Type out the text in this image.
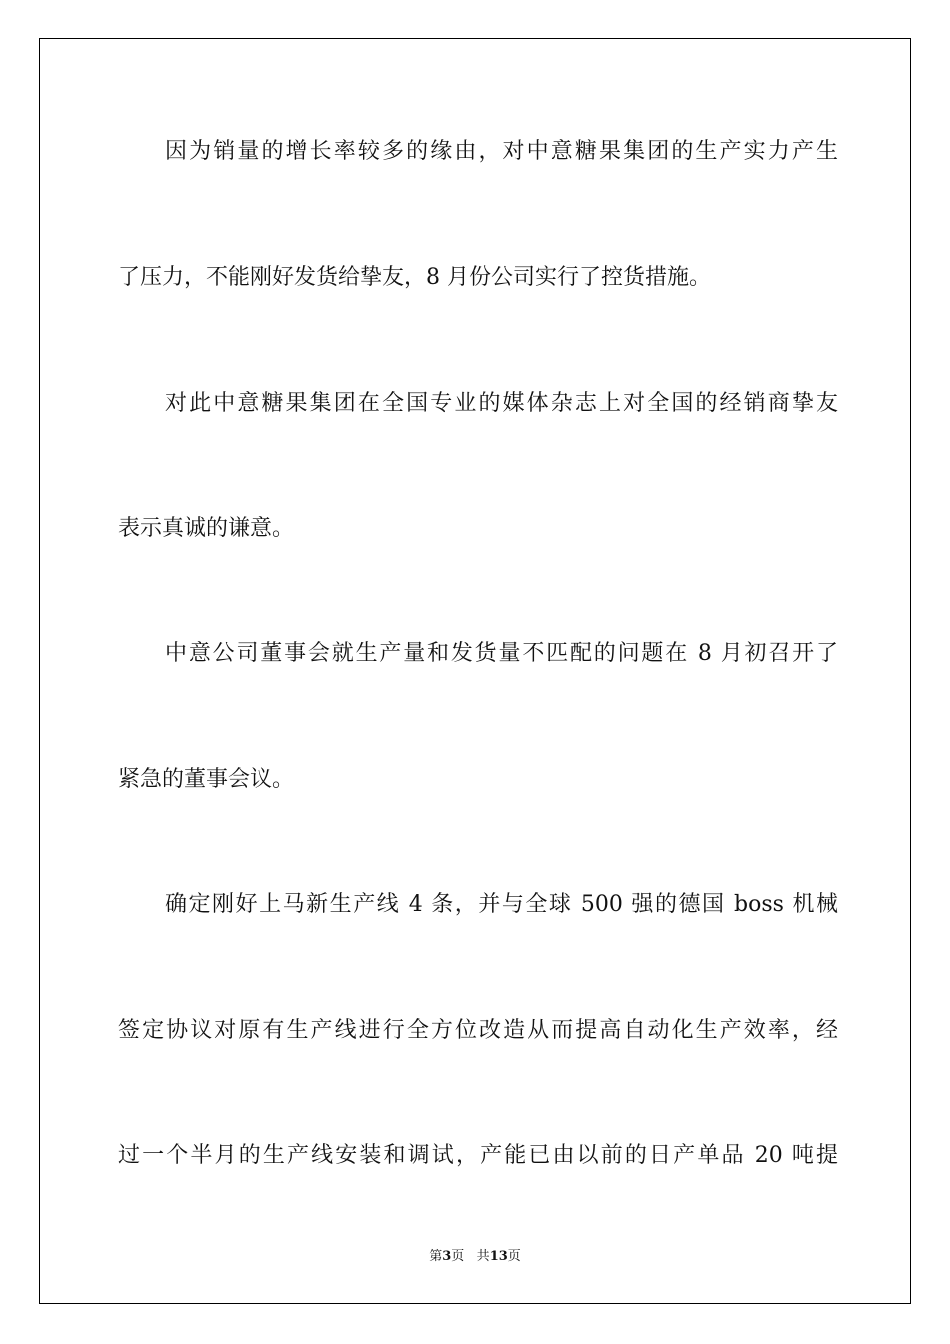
因为销量的增长率较多的缘由，对中意糖果集团的生产实力产生

了压力，不能刚好发货给挚友，8 月份公司实行了控货措施。

对此中意糖果集团在全国专业的媒体杂志上对全国的经销商挚友

表示真诚的谦意。

中意公司董事会就生产量和发货量不匹配的问题在 8 月初召开了

紧急的董事会议。

确定刚好上马新生产线 4 条，并与全球 500 强的德国 boss 机械

签定协议对原有生产线进行全方位改造从而提高自动化生产效率，经

过一个半月的生产线安装和调试，产能已由以前的日产单品 20 吨提

第3页 共13页
